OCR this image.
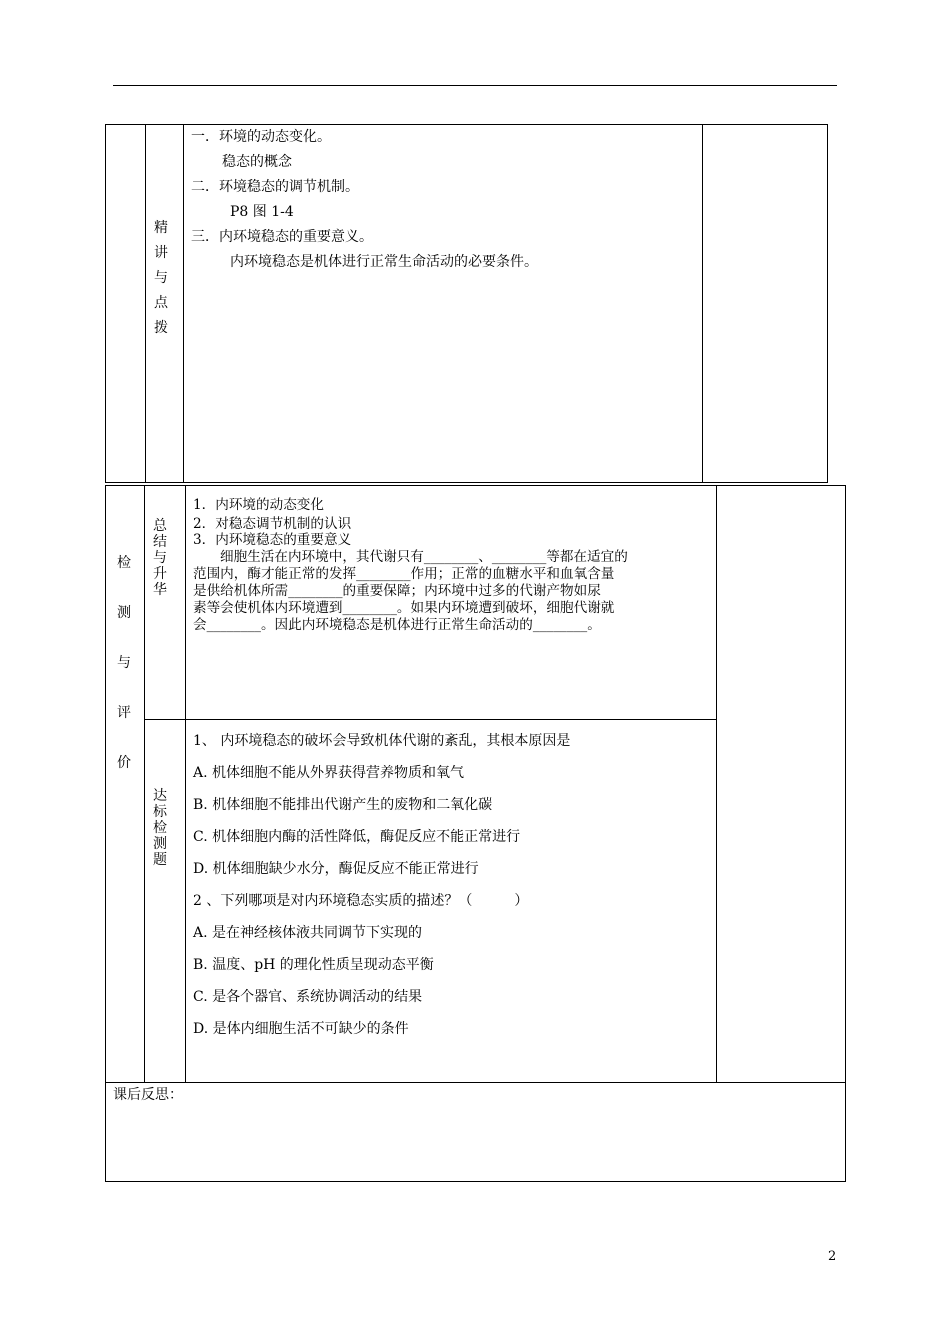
精
讲
与
点
拨
一．环境的动态变化。
稳态的概念
二．环境稳态的调节机制。
P8 图 1-4
三．内环境稳态的重要意义。
内环境稳态是机体进行正常生命活动的必要条件。
检
测
与
评
价
总
结
与
升
华
1．内环境的动态变化
2．对稳态调节机制的认识
3．内环境稳态的重要意义
细胞生活在内环境中，其代谢只有________、________等都在适宜的
范围内，酶才能正常的发挥________作用；正常的血糖水平和血氧含量
是供给机体所需________的重要保障；内环境中过多的代谢产物如尿
素等会使机体内环境遭到________。如果内环境遭到破坏，细胞代谢就
会________。因此内环境稳态是机体进行正常生命活动的________。
达
标
检
测
题
1、 内环境稳态的破坏会导致机体代谢的紊乱，其根本原因是
A. 机体细胞不能从外界获得营养物质和氧气
B. 机体细胞不能排出代谢产生的废物和二氧化碳
C. 机体细胞内酶的活性降低，酶促反应不能正常进行
D. 机体细胞缺少水分，酶促反应不能正常进行
2 、下列哪项是对内环境稳态实质的描述？（　　　）
A. 是在神经核体液共同调节下实现的
B. 温度、pH 的理化性质呈现动态平衡
C. 是各个器官、系统协调活动的结果
D. 是体内细胞生活不可缺少的条件
课后反思：
2
